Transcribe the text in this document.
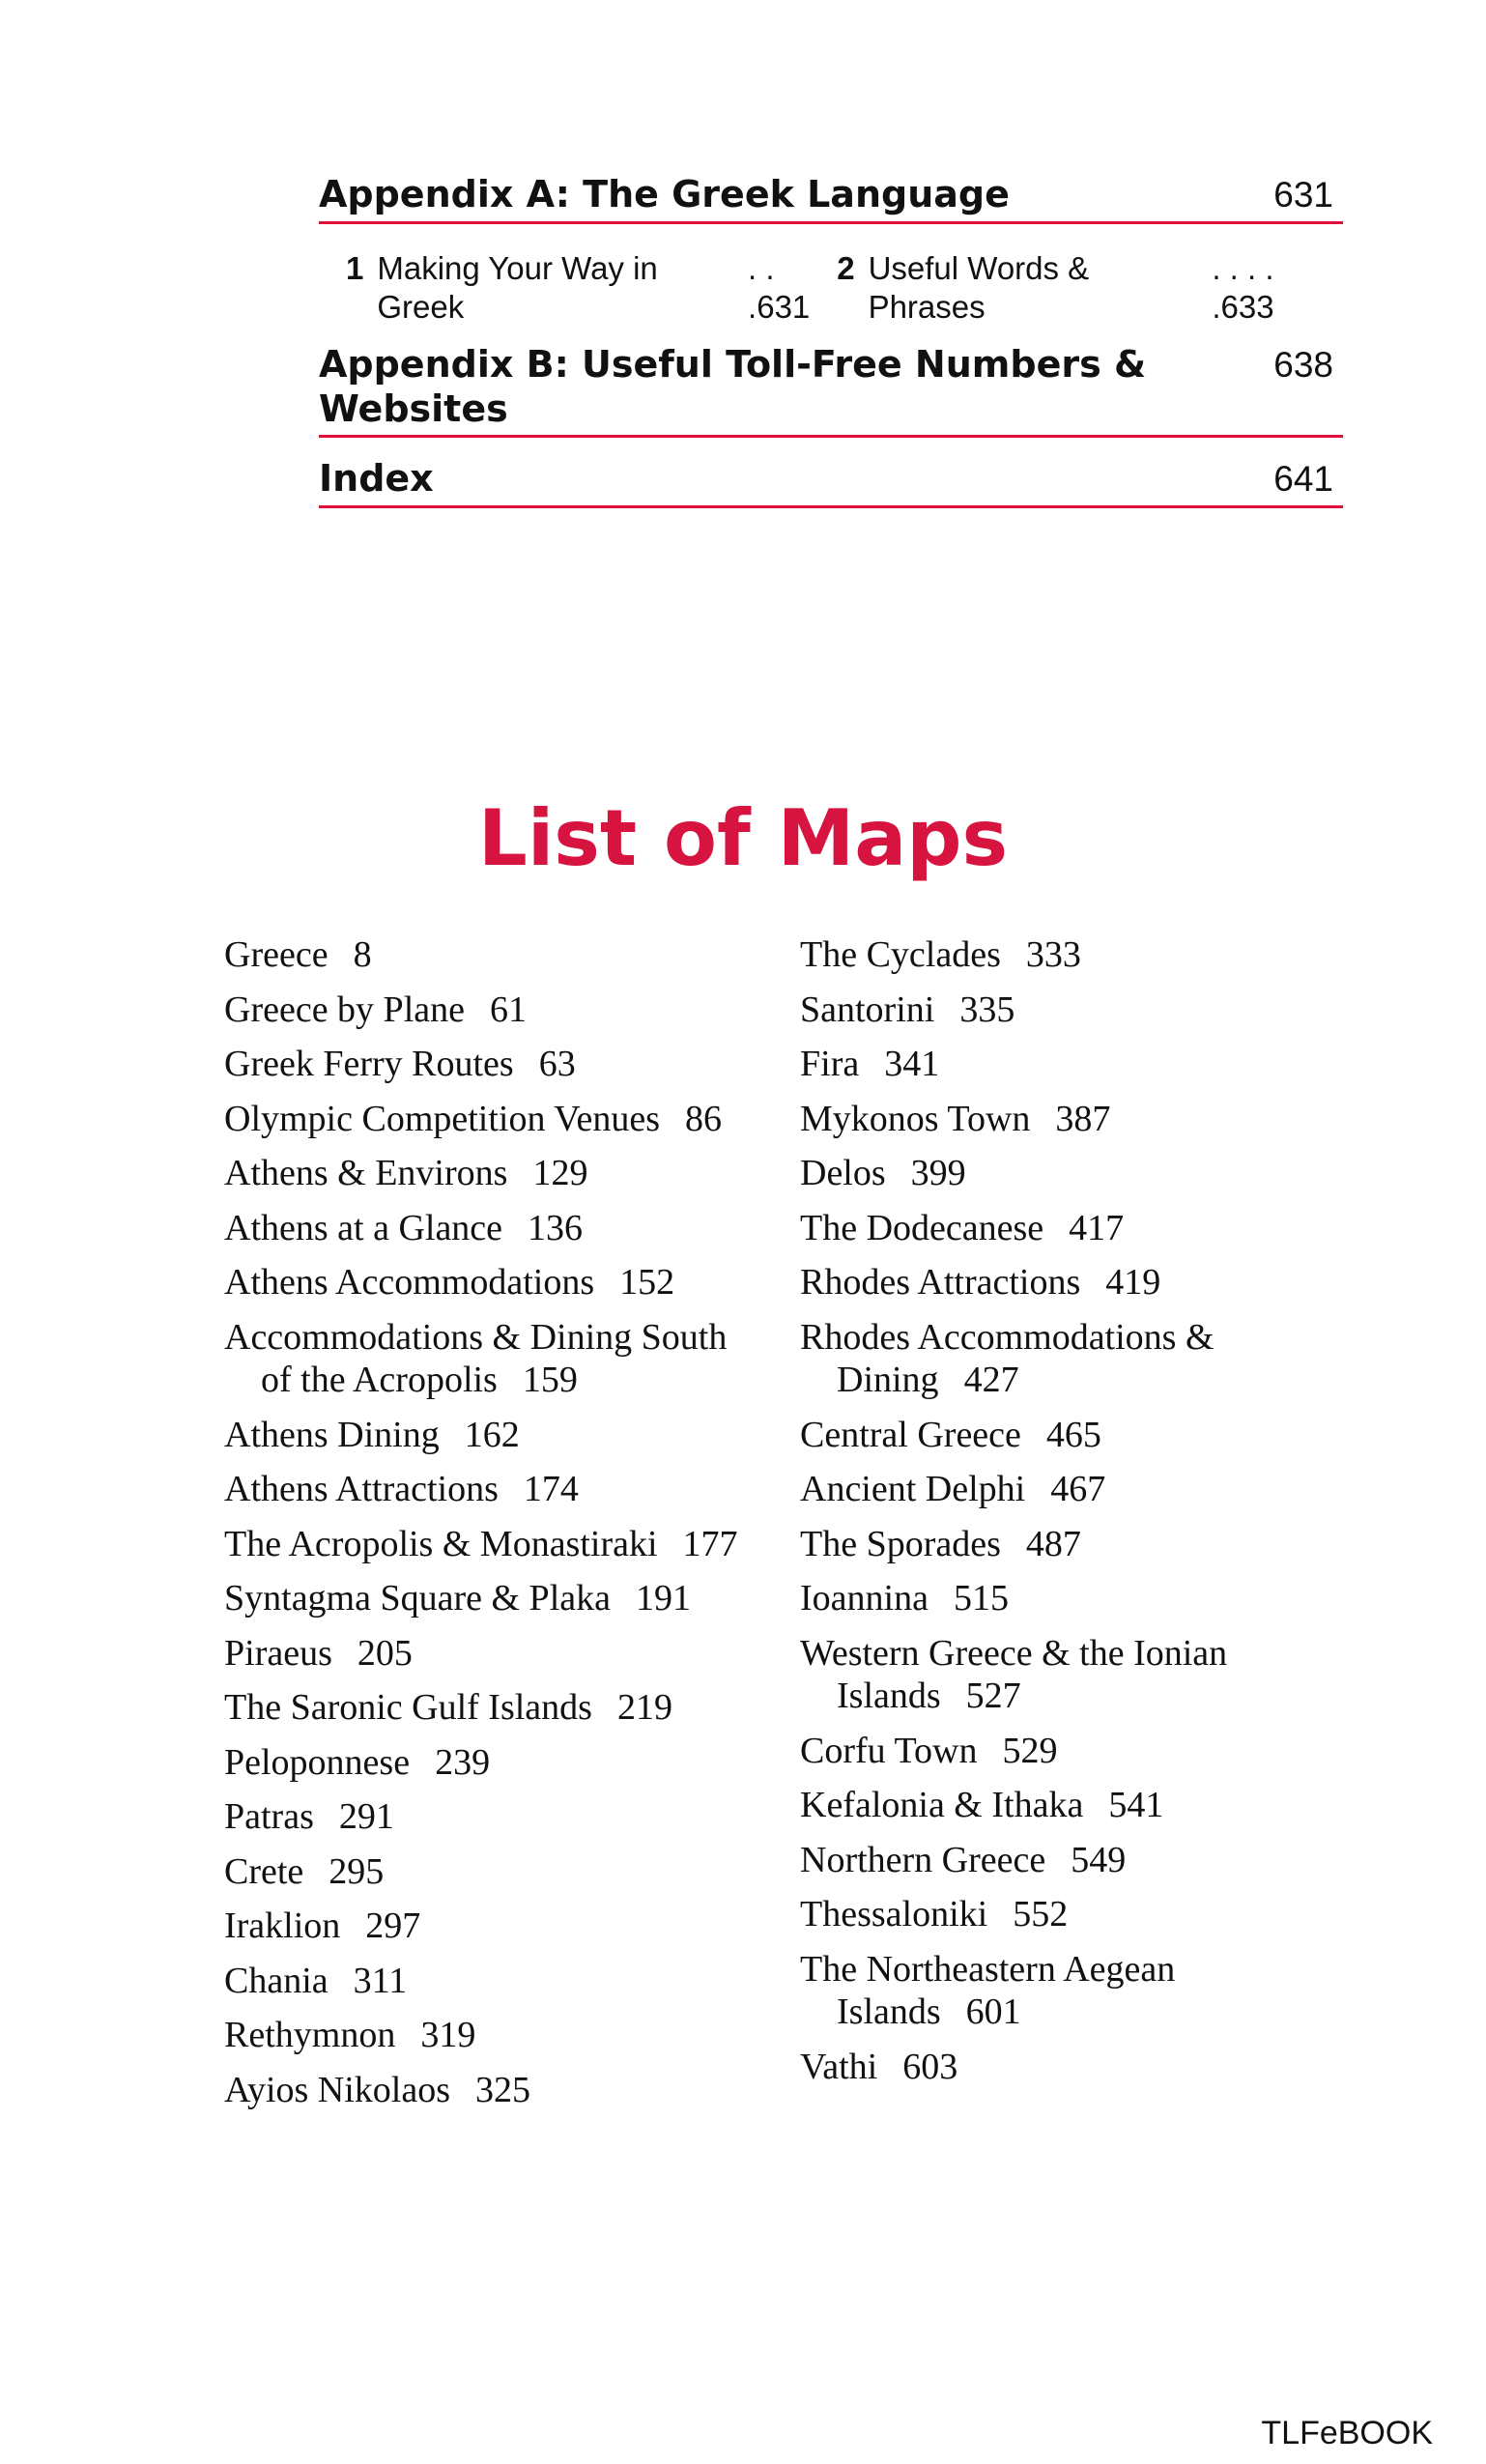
Appendix A: The Greek Language	631
1 Making Your Way in Greek
. . .631
2 Useful Words & Phrases
. . . . .633
Appendix B: Useful Toll-Free Numbers & Websites
638
Index	641
List of Maps
Greece 8
Greece by Plane 61
Greek Ferry Routes 63
Olympic Competition Venues 86
Athens & Environs 129
Athens at a Glance 136
Athens Accommodations 152
Accommodations & Dining South of the Acropolis 159
Athens Dining 162
Athens Attractions 174
The Acropolis & Monastiraki 177
Syntagma Square & Plaka 191
Piraeus 205
The Saronic Gulf Islands 219
Peloponnese 239
Patras 291
Crete 295
Iraklion 297
Chania 311
Rethymnon 319
Ayios Nikolaos 325
The Cyclades 333
Santorini 335
Fira 341
Mykonos Town 387
Delos 399
The Dodecanese 417
Rhodes Attractions 419
Rhodes Accommodations & Dining 427
Central Greece 465
Ancient Delphi 467
The Sporades 487
Ioannina 515
Western Greece & the Ionian Islands 527
Corfu Town 529
Kefalonia & Ithaka 541
Northern Greece 549
Thessaloniki 552
The Northeastern Aegean Islands 601
Vathi 603
TLFeBOOK
